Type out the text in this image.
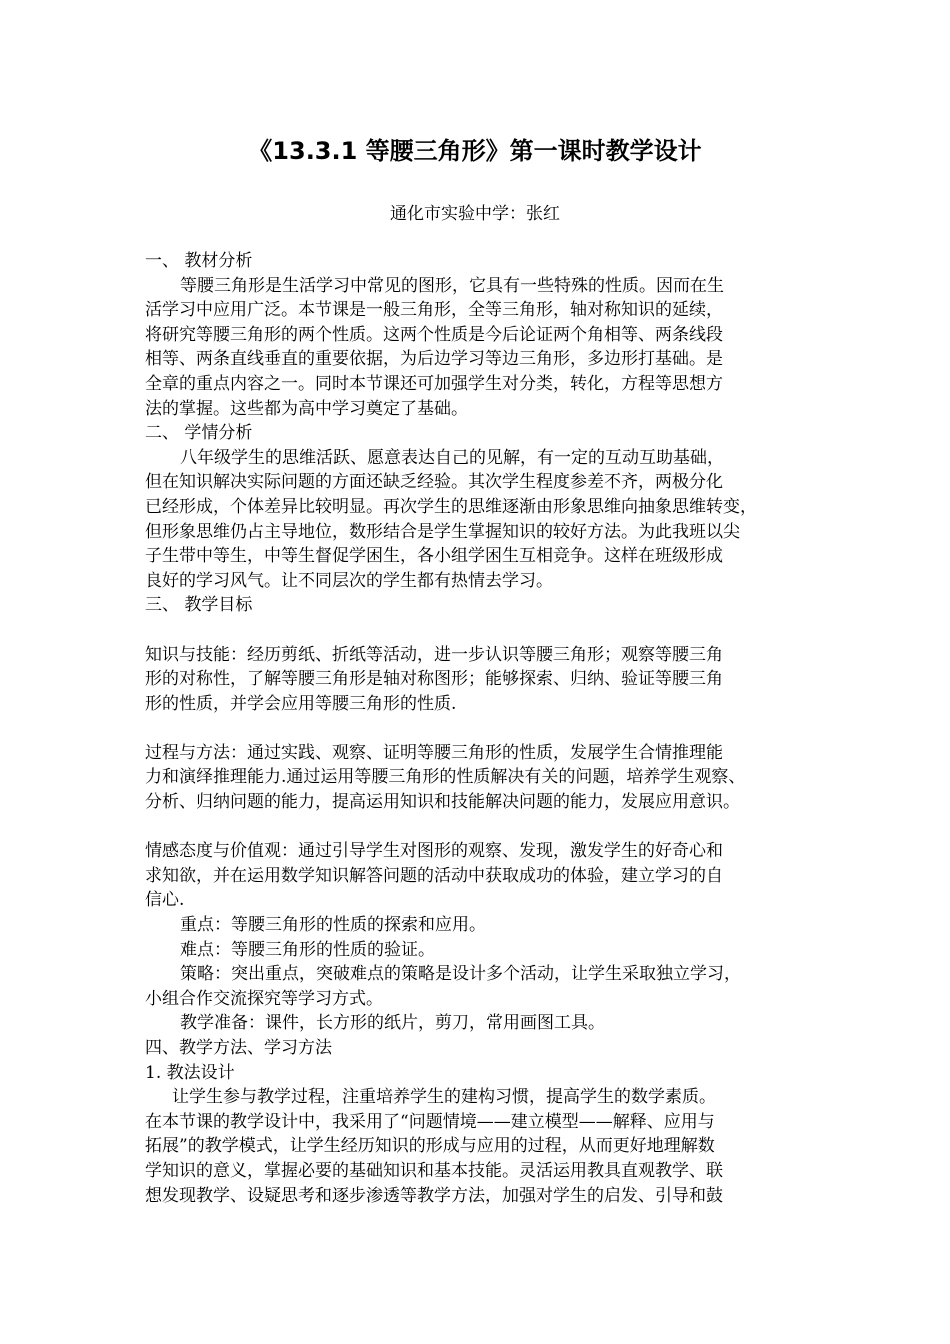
《13.3.1 等腰三角形》第一课时教学设计

通化市实验中学：张红

一、 教材分析
等腰三角形是生活学习中常见的图形，它具有一些特殊的性质。因而在生
活学习中应用广泛。本节课是一般三角形，全等三角形，轴对称知识的延续，
将研究等腰三角形的两个性质。这两个性质是今后论证两个角相等、两条线段
相等、两条直线垂直的重要依据，为后边学习等边三角形，多边形打基础。是
全章的重点内容之一。同时本节课还可加强学生对分类，转化，方程等思想方
法的掌握。这些都为高中学习奠定了基础。
二、 学情分析
八年级学生的思维活跃、愿意表达自己的见解，有一定的互动互助基础，
但在知识解决实际问题的方面还缺乏经验。其次学生程度参差不齐，两极分化
已经形成，个体差异比较明显。再次学生的思维逐渐由形象思维向抽象思维转变，
但形象思维仍占主导地位，数形结合是学生掌握知识的较好方法。为此我班以尖
子生带中等生，中等生督促学困生，各小组学困生互相竞争。这样在班级形成
良好的学习风气。让不同层次的学生都有热情去学习。
三、 教学目标
知识与技能：经历剪纸、折纸等活动，进一步认识等腰三角形；观察等腰三角
形的对称性，了解等腰三角形是轴对称图形；能够探索、归纳、验证等腰三角
形的性质，并学会应用等腰三角形的性质.
过程与方法：通过实践、观察、证明等腰三角形的性质，发展学生合情推理能
力和演绎推理能力.通过运用等腰三角形的性质解决有关的问题，培养学生观察、
分析、归纳问题的能力，提高运用知识和技能解决问题的能力，发展应用意识。
情感态度与价值观：通过引导学生对图形的观察、发现，激发学生的好奇心和
求知欲，并在运用数学知识解答问题的活动中获取成功的体验，建立学习的自
信心.
重点：等腰三角形的性质的探索和应用。
难点：等腰三角形的性质的验证。
策略：突出重点，突破难点的策略是设计多个活动，让学生采取独立学习，
小组合作交流探究等学习方式。
教学准备：课件，长方形的纸片，剪刀，常用画图工具。
四、教学方法、学习方法
1. 教法设计
让学生参与教学过程，注重培养学生的建构习惯，提高学生的数学素质。
在本节课的教学设计中，我采用了“问题情境——建立模型——解释、应用与
拓展”的教学模式，让学生经历知识的形成与应用的过程，从而更好地理解数
学知识的意义，掌握必要的基础知识和基本技能。灵活运用教具直观教学、联
想发现教学、设疑思考和逐步渗透等教学方法，加强对学生的启发、引导和鼓
